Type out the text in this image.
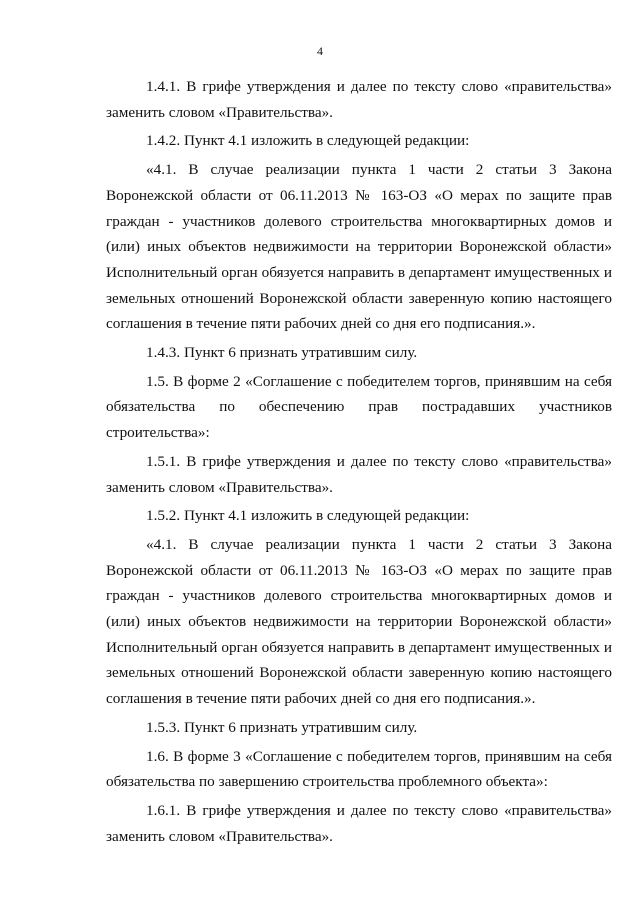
4

1.4.1. В грифе утверждения и далее по тексту слово «правительства» заменить словом «Правительства».

1.4.2. Пункт 4.1 изложить в следующей редакции:

«4.1. В случае реализации пункта 1 части 2 статьи 3 Закона Воронежской области от 06.11.2013 № 163-ОЗ «О мерах по защите прав граждан - участников долевого строительства многоквартирных домов и (или) иных объектов недвижимости на территории Воронежской области» Исполнительный орган обязуется направить в департамент имущественных и земельных отношений Воронежской области заверенную копию настоящего соглашения в течение пяти рабочих дней со дня его подписания.».

1.4.3. Пункт 6 признать утратившим силу.

1.5. В форме 2 «Соглашение с победителем торгов, принявшим на себя обязательства по обеспечению прав пострадавших участников строительства»:

1.5.1. В грифе утверждения и далее по тексту слово «правительства» заменить словом «Правительства».

1.5.2. Пункт 4.1 изложить в следующей редакции:

«4.1. В случае реализации пункта 1 части 2 статьи 3 Закона Воронежской области от 06.11.2013 № 163-ОЗ «О мерах по защите прав граждан - участников долевого строительства многоквартирных домов и (или) иных объектов недвижимости на территории Воронежской области» Исполнительный орган обязуется направить в департамент имущественных и земельных отношений Воронежской области заверенную копию настоящего соглашения в течение пяти рабочих дней со дня его подписания.».

1.5.3. Пункт 6 признать утратившим силу.

1.6. В форме 3 «Соглашение с победителем торгов, принявшим на себя обязательства по завершению строительства проблемного объекта»:

1.6.1. В грифе утверждения и далее по тексту слово «правительства» заменить словом «Правительства».
